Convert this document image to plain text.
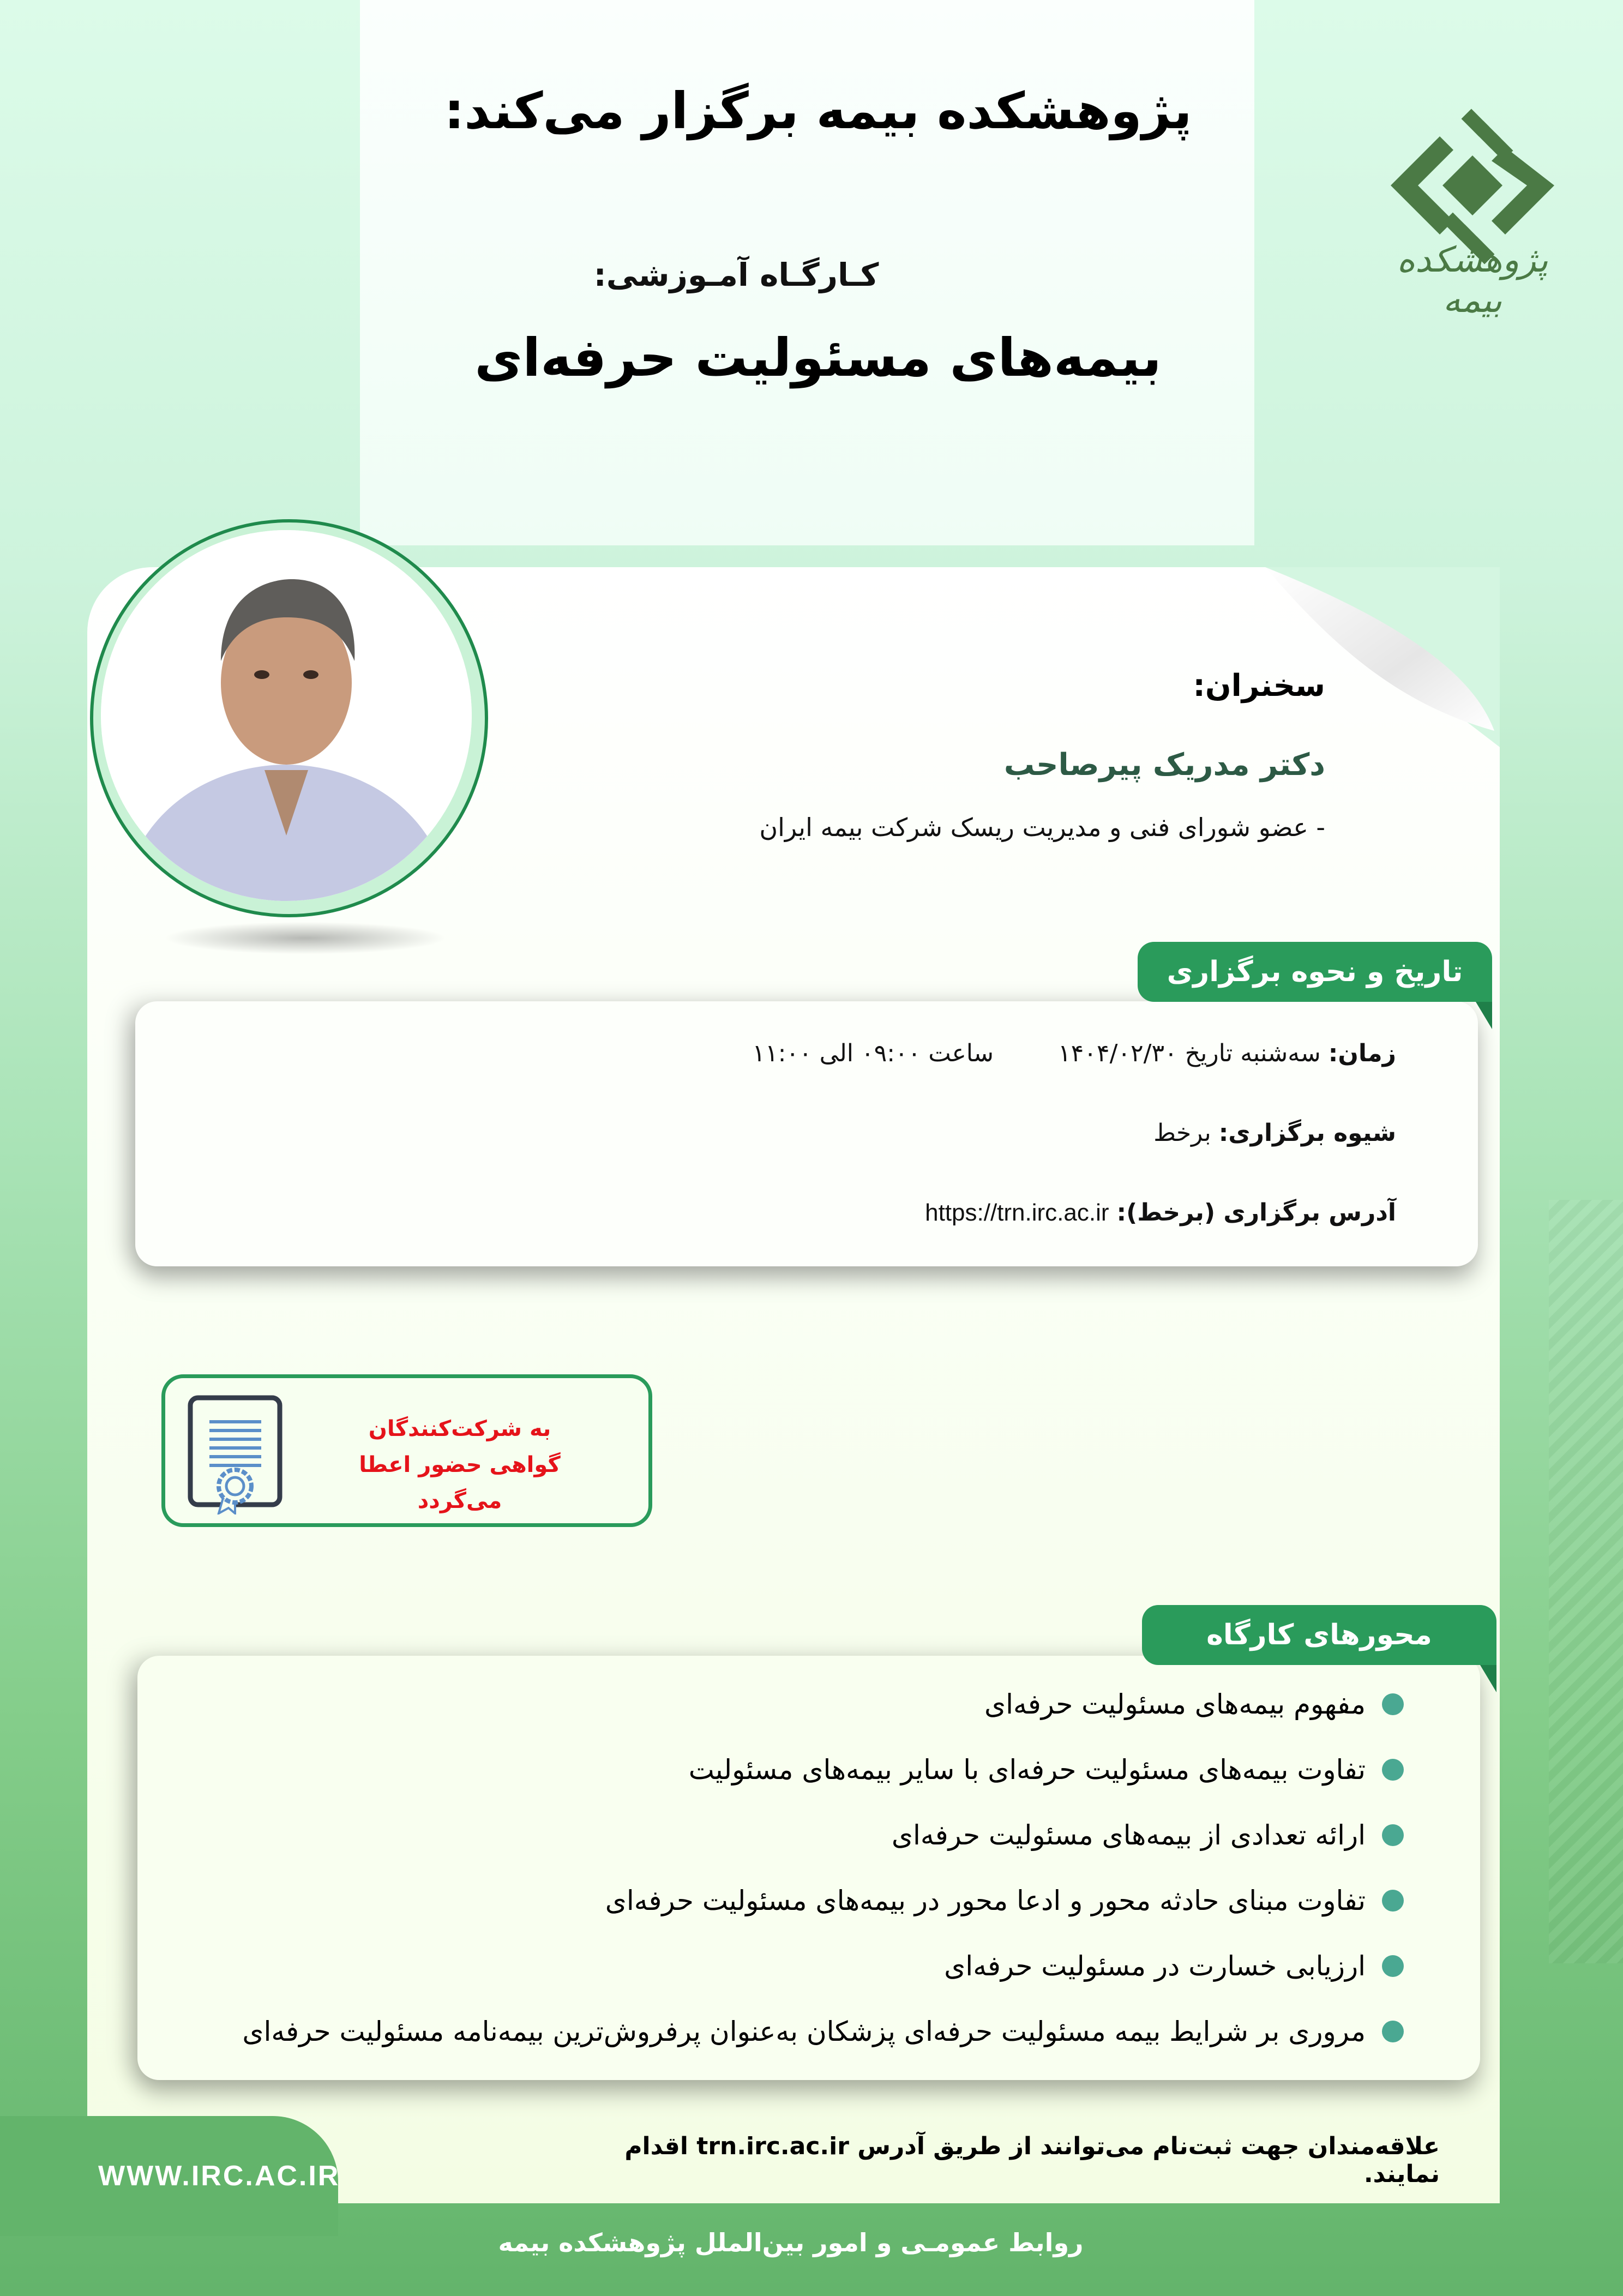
پژوهشکده بیمه برگزار می‌کند:
کـارگـاه آمـوزشی:
بیمه‌های مسئولیت حرفه‌ای
پژوهشکده بیمه
سخنران:
دکتر مدریک پیرصاحب
- عضو شورای فنی و مدیریت ریسک شرکت بیمه ایران
زمان: سه‌شنبه تاریخ ۱۴۰۴/۰۲/۳۰  ساعت ۰۹:۰۰ الی ۱۱:۰۰
شیوه برگزاری: برخط
آدرس برگزاری (برخط): https://trn.irc.ac.ir
تاریخ و نحوه برگزاری
به شرکت‌کنندگان
گواهی حضور اعطا می‌گردد
مفهوم بیمه‌های مسئولیت حرفه‌ای
تفاوت بیمه‌های مسئولیت حرفه‌ای با سایر بیمه‌های مسئولیت
ارائه تعدادی از بیمه‌های مسئولیت حرفه‌ای
تفاوت مبنای حادثه محور و ادعا محور در بیمه‌های مسئولیت حرفه‌ای
ارزیابی خسارت در مسئولیت حرفه‌ای
مروری بر شرایط بیمه مسئولیت حرفه‌ای پزشکان به‌عنوان پرفروش‌ترین بیمه‌نامه مسئولیت حرفه‌ای
محورهای کارگاه
علاقه‌مندان جهت ثبت‌نام می‌توانند از طریق آدرس trn.irc.ac.ir اقدام نمایند.
WWW.IRC.AC.IR
روابط عمومـی و امور بین‌الملل پژوهشکده بیمه
